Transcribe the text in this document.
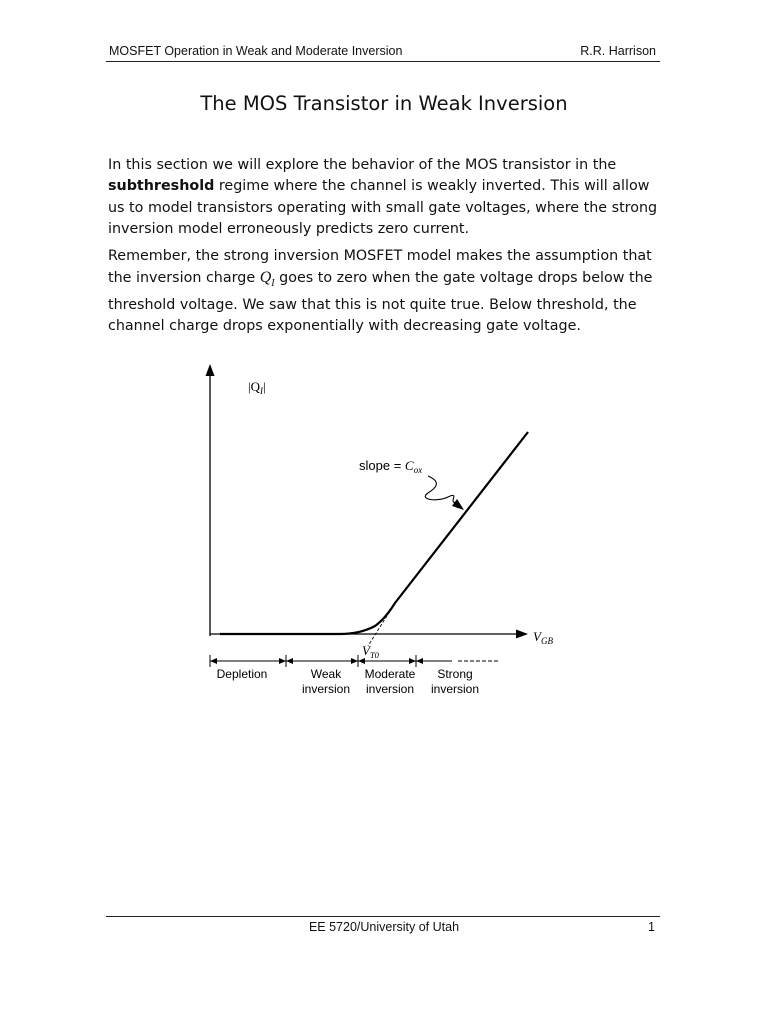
MOSFET Operation in Weak and Moderate Inversion	R.R. Harrison
The MOS Transistor in Weak Inversion

In this section we will explore the behavior of the MOS transistor in the subthreshold regime where the channel is weakly inverted. This will allow us to model transistors operating with small gate voltages, where the strong inversion model erroneously predicts zero current.

Remember, the strong inversion MOSFET model makes the assumption that the inversion charge $Q_I$ goes to zero when the gate voltage drops below the threshold voltage. We saw that this is not quite true. Below threshold, the channel charge drops exponentially with decreasing gate voltage.

$|Q_I|$
$V_{GB}$
slope = $C_{ox}$
$V_{T0}$
Depletion	Weak inversion
Moderate inversion
Strong inversion
EE 5720/University of Utah	1
